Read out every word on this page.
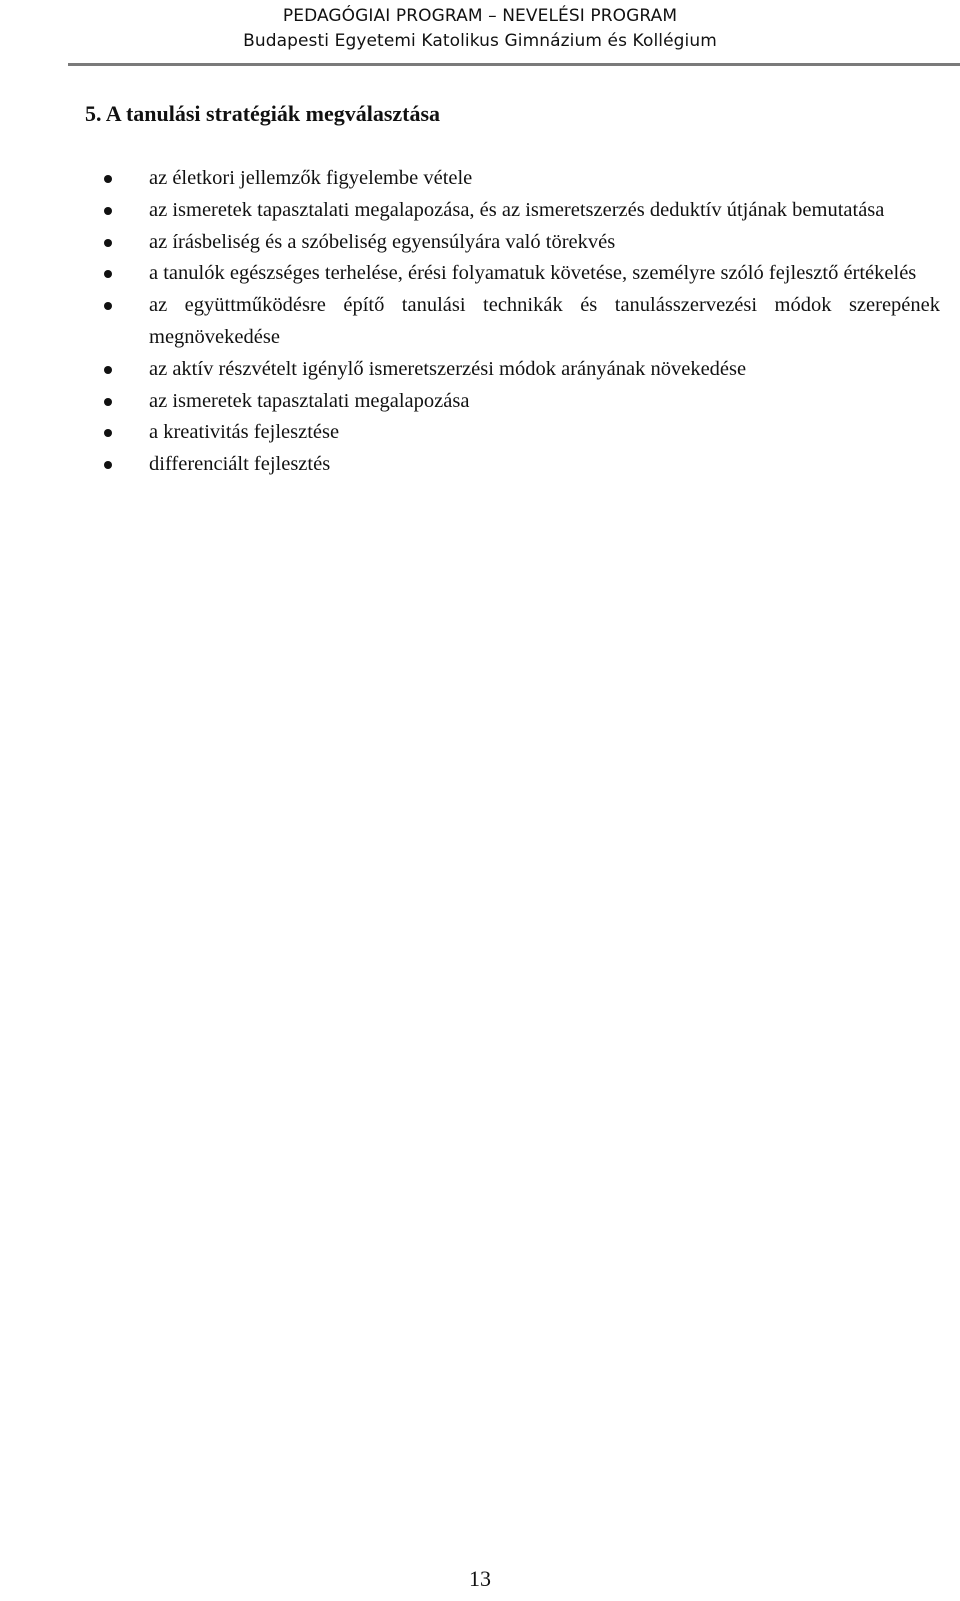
PEDAGÓGIAI PROGRAM – NEVELÉSI PROGRAM
Budapesti Egyetemi Katolikus Gimnázium és Kollégium
5. A tanulási stratégiák megválasztása
az életkori jellemzők figyelembe vétele
az ismeretek tapasztalati megalapozása, és az ismeretszerzés deduktív útjának bemutatása
az írásbeliség és a szóbeliség egyensúlyára való törekvés
a tanulók egészséges terhelése, érési folyamatuk követése, személyre szóló fejlesztő értékelés
az együttműködésre építő tanulási technikák és tanulásszervezési módok szerepének megnövekedése
az aktív részvételt igénylő ismeretszerzési módok arányának növekedése
az ismeretek tapasztalati megalapozása
a kreativitás fejlesztése
differenciált fejlesztés
13
